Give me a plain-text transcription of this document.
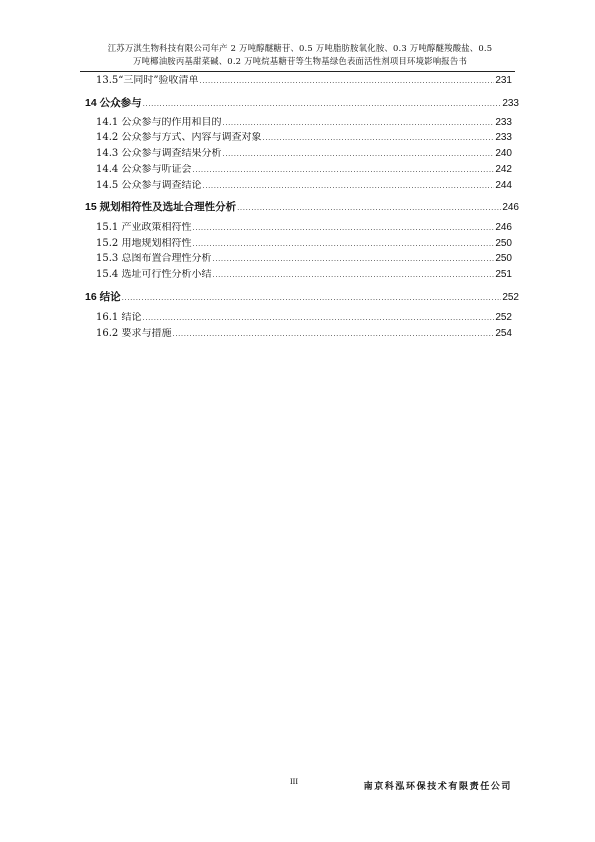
江苏万淇生物科技有限公司年产 2 万吨醇醚糖苷、0.5 万吨脂肪胺氧化胺、0.3 万吨醇醚羧酸盐、0.5
万吨椰油胺丙基甜菜碱、0.2 万吨烷基糖苷等生物基绿色表面活性剂项目环境影响报告书
13.5“三同时”验收清单 .....	231
14 公众参与 .....	233
14.1 公众参与的作用和目的 .....	233
14.2 公众参与方式、内容与调查对象 .....	233
14.3 公众参与调查结果分析 .....	240
14.4 公众参与听证会 .....	242
14.5 公众参与调查结论 .....	244
15 规划相符性及选址合理性分析 .....	246
15.1 产业政策相符性 .....	246
15.2 用地规划相符性 .....	250
15.3 总图布置合理性分析 .....	250
15.4 选址可行性分析小结 .....	251
16 结论 .....	252
16.1 结论 .....	252
16.2 要求与措施 .....	254
III
南京科泓环保技术有限责任公司
